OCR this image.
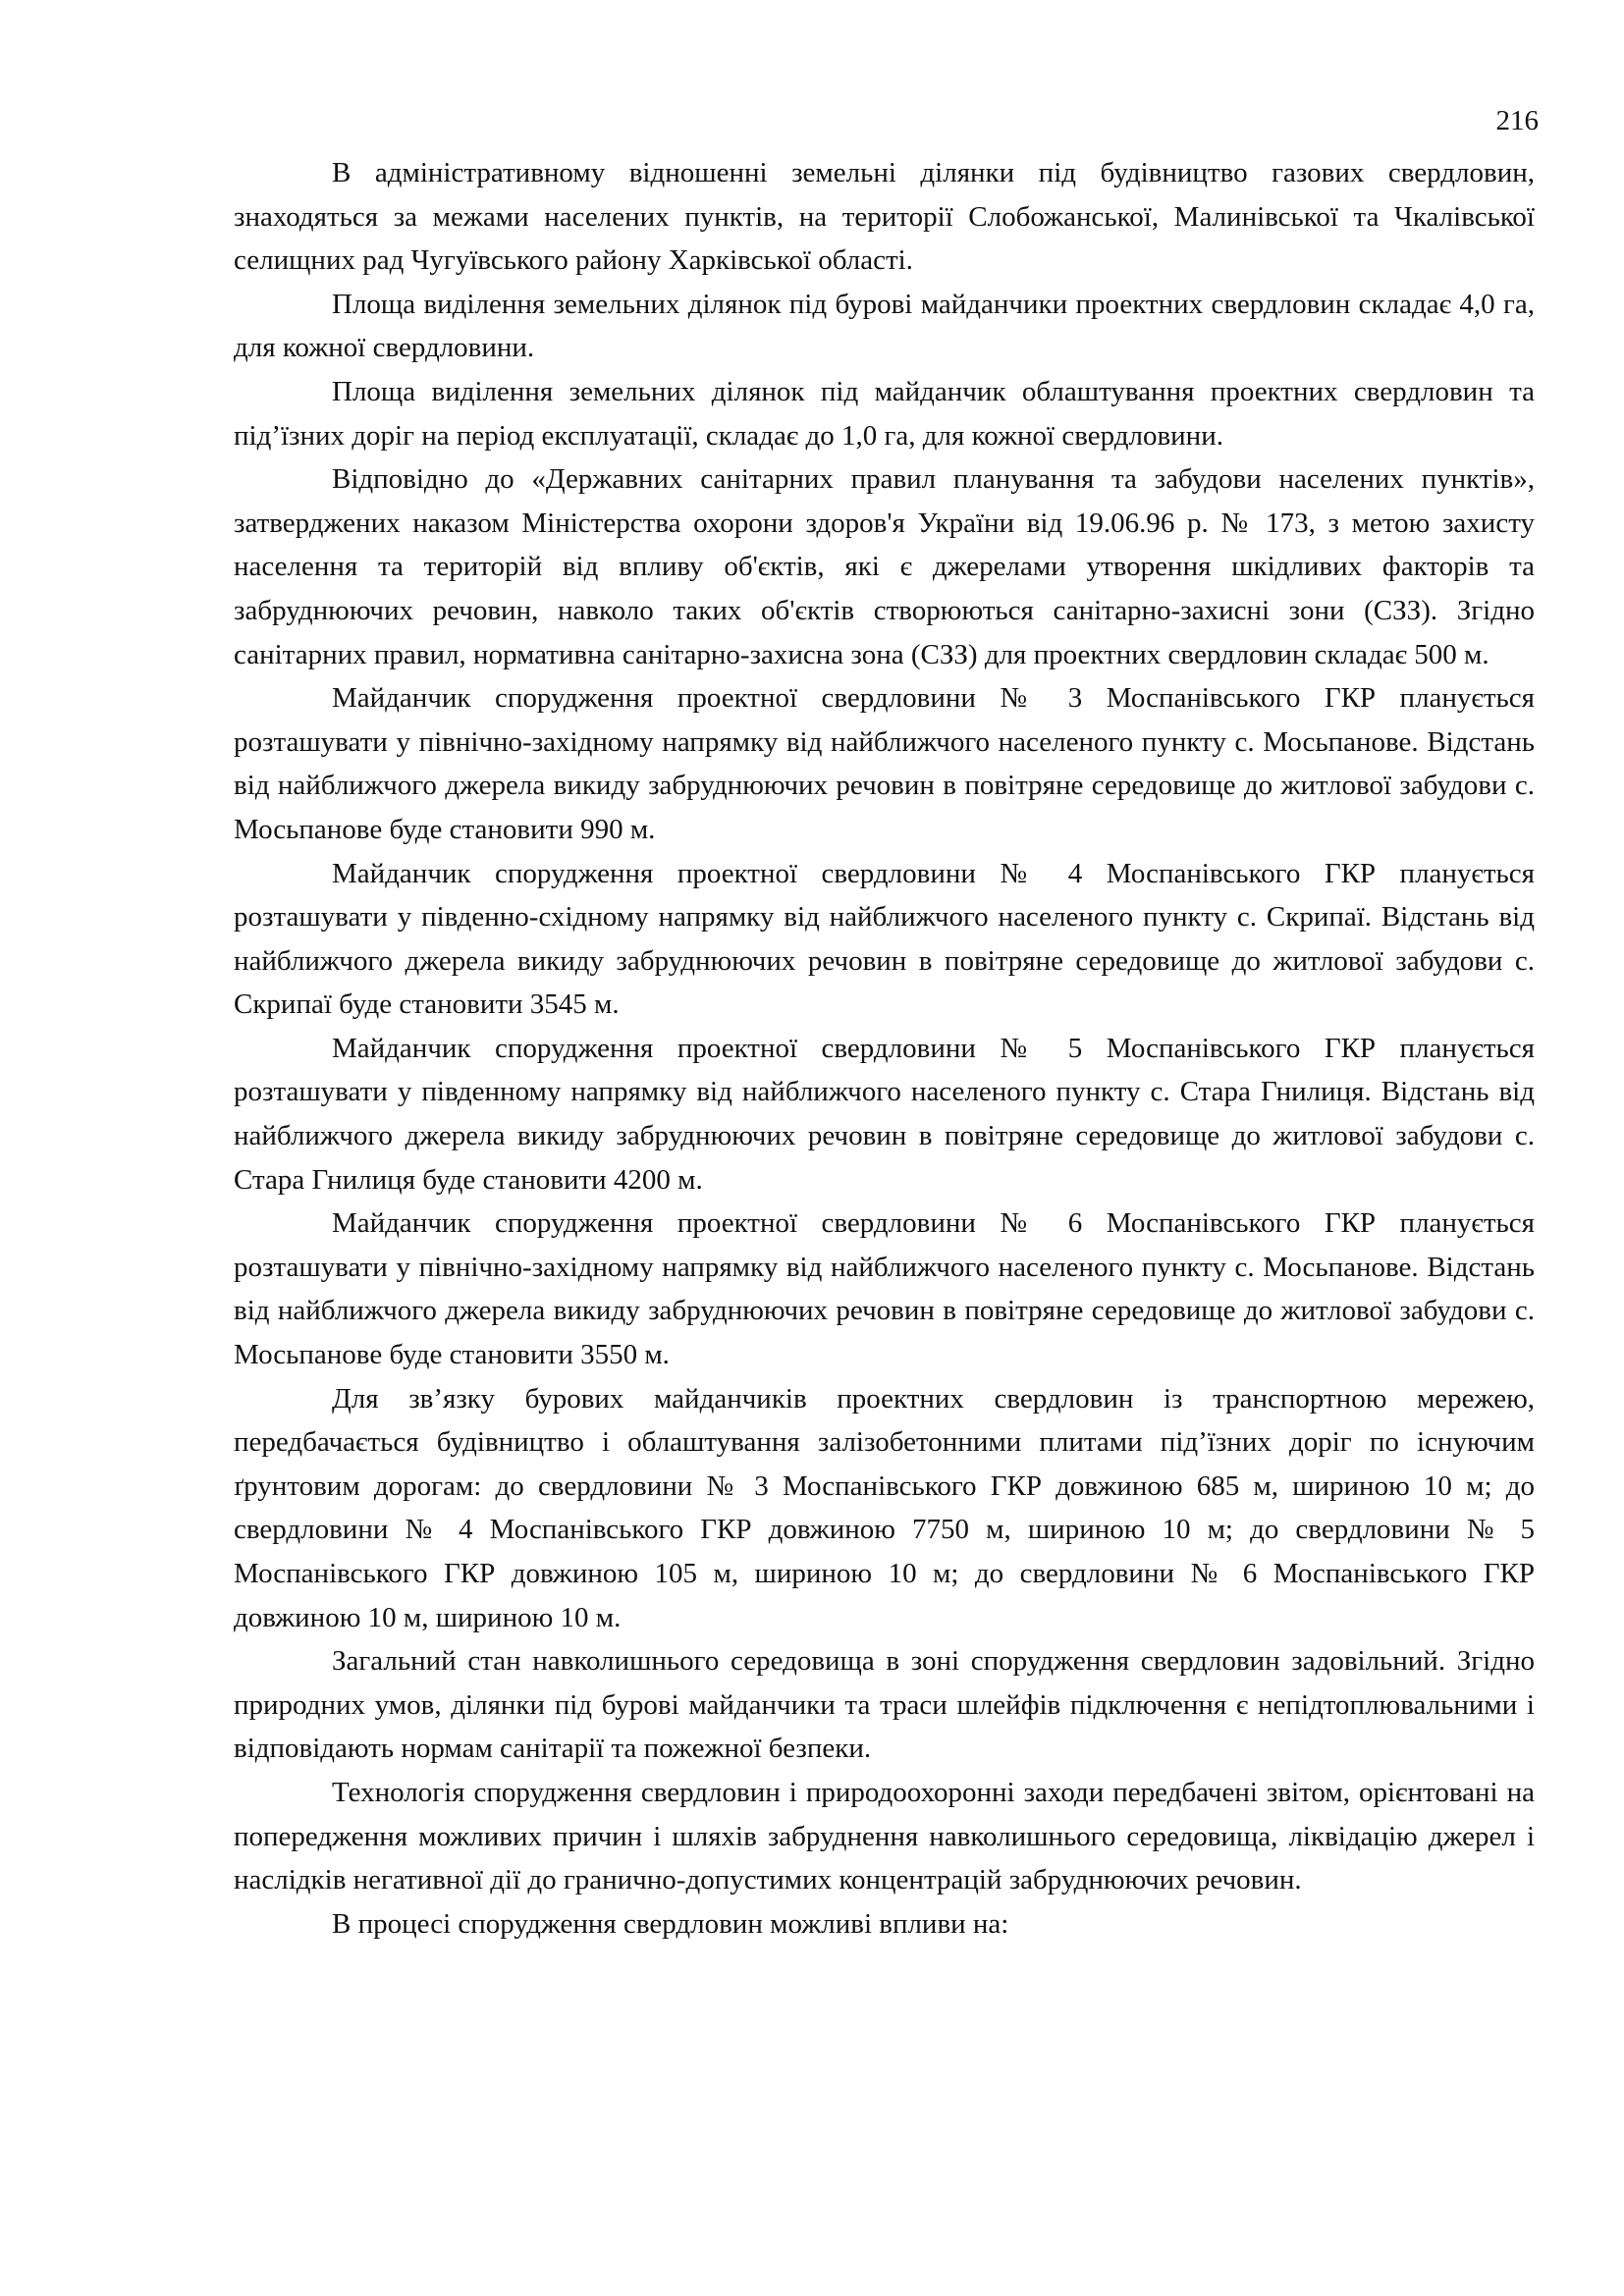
216

В адміністративному відношенні земельні ділянки під будівництво газових свердловин, знаходяться за межами населених пунктів, на території Слобожанської, Малинівської та Чкалівської селищних рад Чугуївського району Харківської області.

Площа виділення земельних ділянок під бурові майданчики проектних свердловин складає 4,0 га, для кожної свердловини.

Площа виділення земельних ділянок під майданчик облаштування проектних свердловин та під’їзних доріг на період експлуатації, складає до 1,0 га, для кожної свердловини.

Відповідно до «Державних санітарних правил планування та забудови населених пунктів», затверджених наказом Міністерства охорони здоров'я України від 19.06.96 р. № 173, з метою захисту населення та територій від впливу об'єктів, які є джерелами утворення шкідливих факторів та забруднюючих речовин, навколо таких об'єктів створюються санітарно-захисні зони (СЗЗ). Згідно санітарних правил, нормативна санітарно-захисна зона (СЗЗ) для проектних свердловин складає 500 м.

Майданчик спорудження проектної свердловини № 3 Моспанівського ГКР планується розташувати у північно-західному напрямку від найближчого населеного пункту с. Мосьпанове. Відстань від найближчого джерела викиду забруднюючих речовин в повітряне середовище до житлової забудови с. Мосьпанове буде становити 990 м.

Майданчик спорудження проектної свердловини № 4 Моспанівського ГКР планується розташувати у південно-східному напрямку від найближчого населеного пункту с. Скрипаї. Відстань від найближчого джерела викиду забруднюючих речовин в повітряне середовище до житлової забудови с. Скрипаї буде становити 3545 м.

Майданчик спорудження проектної свердловини № 5 Моспанівського ГКР планується розташувати у південному напрямку від найближчого населеного пункту с. Стара Гнилиця. Відстань від найближчого джерела викиду забруднюючих речовин в повітряне середовище до житлової забудови с. Стара Гнилиця буде становити 4200 м.

Майданчик спорудження проектної свердловини № 6 Моспанівського ГКР планується розташувати у північно-західному напрямку від найближчого населеного пункту с. Мосьпанове. Відстань від найближчого джерела викиду забруднюючих речовин в повітряне середовище до житлової забудови с. Мосьпанове буде становити 3550 м.

Для зв’язку бурових майданчиків проектних свердловин із транспортною мережею, передбачається будівництво і облаштування залізобетонними плитами під’їзних доріг по існуючим ґрунтовим дорогам: до свердловини № 3 Моспанівського ГКР довжиною 685 м, шириною 10 м; до свердловини № 4 Моспанівського ГКР довжиною 7750 м, шириною 10 м; до свердловини № 5 Моспанівського ГКР довжиною 105 м, шириною 10 м; до свердловини № 6 Моспанівського ГКР довжиною 10 м, шириною 10 м.

Загальний стан навколишнього середовища в зоні спорудження свердловин задовільний. Згідно природних умов, ділянки під бурові майданчики та траси шлейфів підключення є непідтоплювальними і відповідають нормам санітарії та пожежної безпеки.

Технологія спорудження свердловин і природоохоронні заходи передбачені звітом, орієнтовані на попередження можливих причин і шляхів забруднення навколишнього середовища, ліквідацію джерел і наслідків негативної дії до гранично-допустимих концентрацій забруднюючих речовин.

В процесі спорудження свердловин можливі впливи на:
